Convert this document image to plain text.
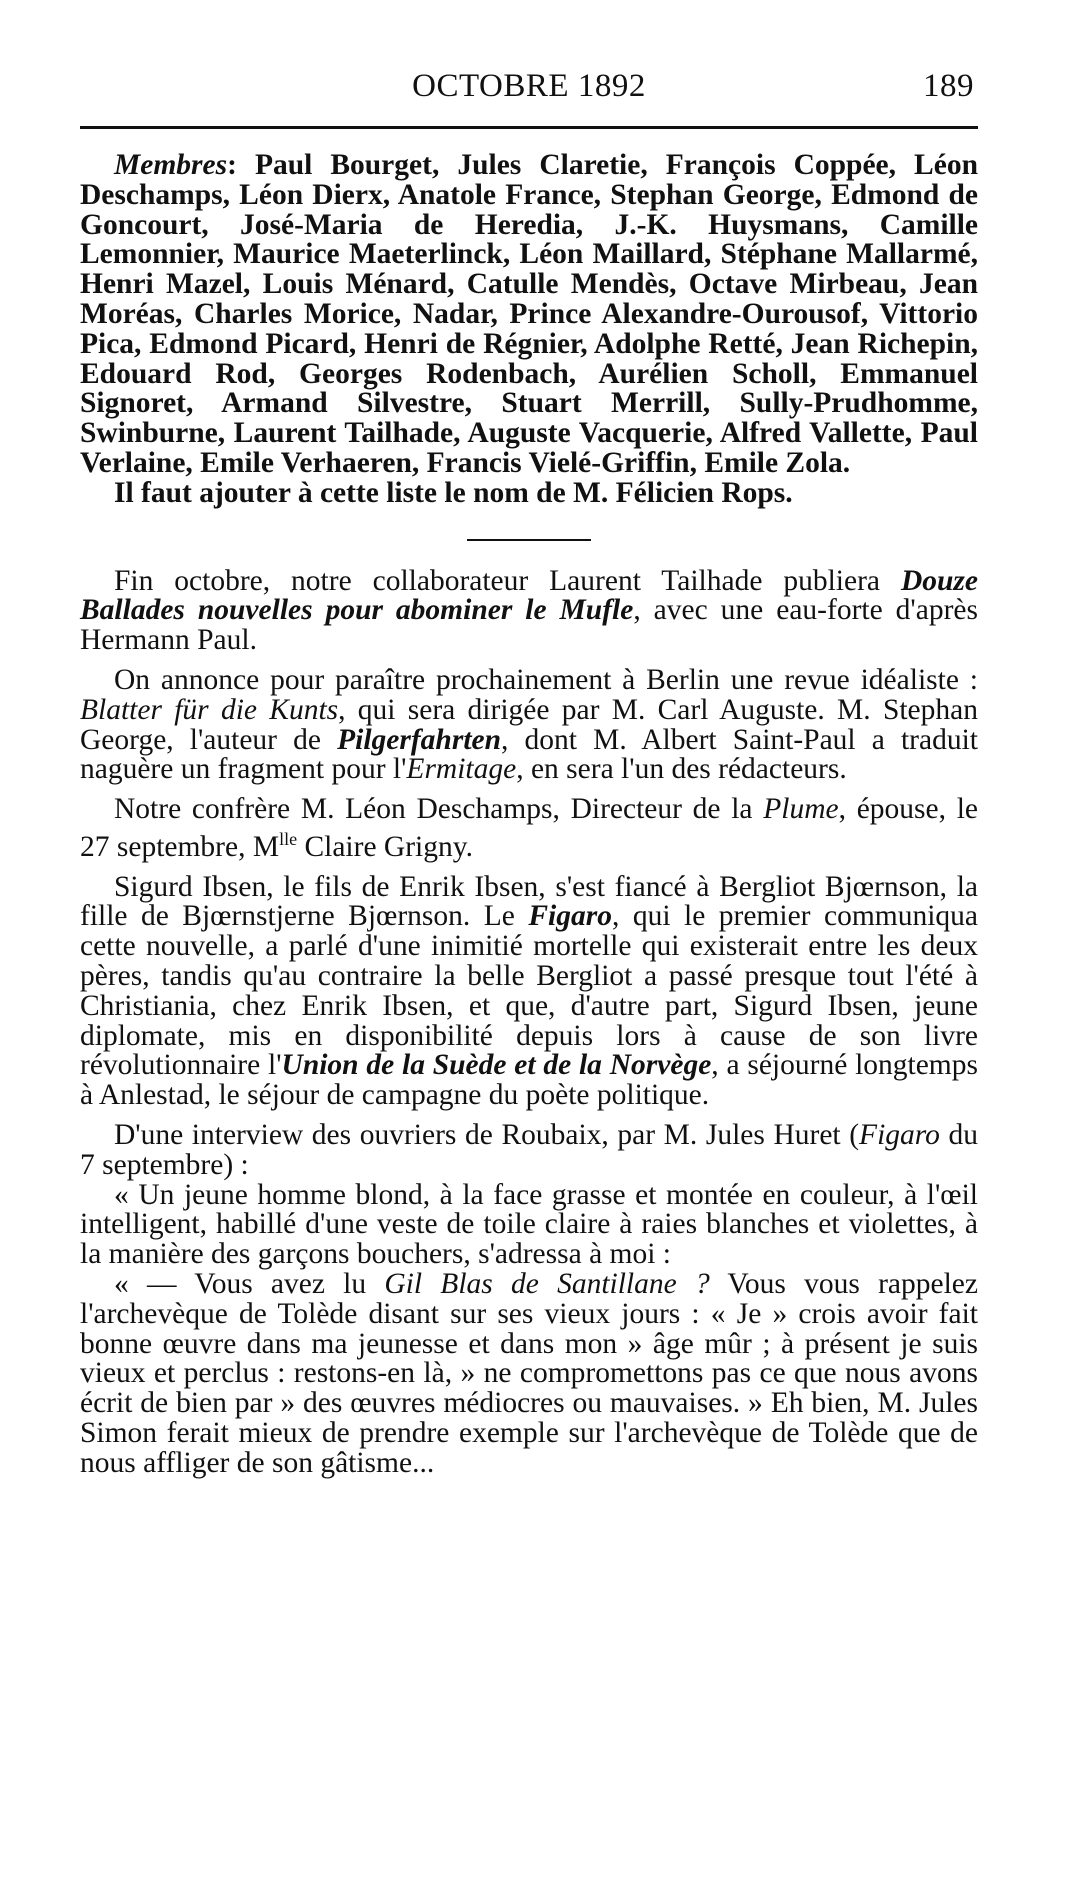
OCTOBRE 1892	189

Membres: Paul Bourget, Jules Claretie, François Coppée, Léon Deschamps, Léon Dierx, Anatole France, Stephan George, Edmond de Goncourt, José-Maria de Heredia, J.-K. Huysmans, Camille Lemonnier, Maurice Maeterlinck, Léon Maillard, Stéphane Mallarmé, Henri Mazel, Louis Ménard, Catulle Mendès, Octave Mirbeau, Jean Moréas, Charles Morice, Nadar, Prince Alexandre-Ourousof, Vittorio Pica, Edmond Picard, Henri de Régnier, Adolphe Retté, Jean Richepin, Edouard Rod, Georges Rodenbach, Aurélien Scholl, Emmanuel Signoret, Armand Silvestre, Stuart Merrill, Sully-Prudhomme, Swinburne, Laurent Tailhade, Auguste Vacquerie, Alfred Vallette, Paul Verlaine, Emile Verhaeren, Francis Vielé-Griffin, Emile Zola.

Il faut ajouter à cette liste le nom de M. Félicien Rops.

Fin octobre, notre collaborateur Laurent Tailhade publiera Douze Ballades nouvelles pour abominer le Mufle, avec une eau-forte d'après Hermann Paul.

On annonce pour paraître prochainement à Berlin une revue idéaliste : Blatter für die Kunts, qui sera dirigée par M. Carl Auguste. M. Stephan George, l'auteur de Pilgerfahrten, dont M. Albert Saint-Paul a traduit naguère un fragment pour l'Ermitage, en sera l'un des rédacteurs.

Notre confrère M. Léon Deschamps, Directeur de la Plume, épouse, le 27 septembre, $M^{lle}$ Claire Grigny.

Sigurd Ibsen, le fils de Enrik Ibsen, s'est fiancé à Bergliot Bjœrnson, la fille de Bjœrnstjerne Bjœrnson. Le Figaro, qui le premier communiqua cette nouvelle, a parlé d'une inimitié mortelle qui existerait entre les deux pères, tandis qu'au contraire la belle Bergliot a passé presque tout l'été à Christiania, chez Enrik Ibsen, et que, d'autre part, Sigurd Ibsen, jeune diplomate, mis en disponibilité depuis lors à cause de son livre révolutionnaire l'Union de la Suède et de la Norvège, a séjourné longtemps à Anlestad, le séjour de campagne du poète politique.

D'une interview des ouvriers de Roubaix, par M. Jules Huret (Figaro du 7 septembre) :

« Un jeune homme blond, à la face grasse et montée en couleur, à l'œil intelligent, habillé d'une veste de toile claire à raies blanches et violettes, à la manière des garçons bouchers, s'adressa à moi :

« — Vous avez lu Gil Blas de Santillane ? Vous vous rappelez l'archevèque de Tolède disant sur ses vieux jours : « Je » crois avoir fait bonne œuvre dans ma jeunesse et dans mon » âge mûr ; à présent je suis vieux et perclus : restons-en là, » ne compromettons pas ce que nous avons écrit de bien par » des œuvres médiocres ou mauvaises. » Eh bien, M. Jules Simon ferait mieux de prendre exemple sur l'archevèque de Tolède que de nous affliger de son gâtisme...
